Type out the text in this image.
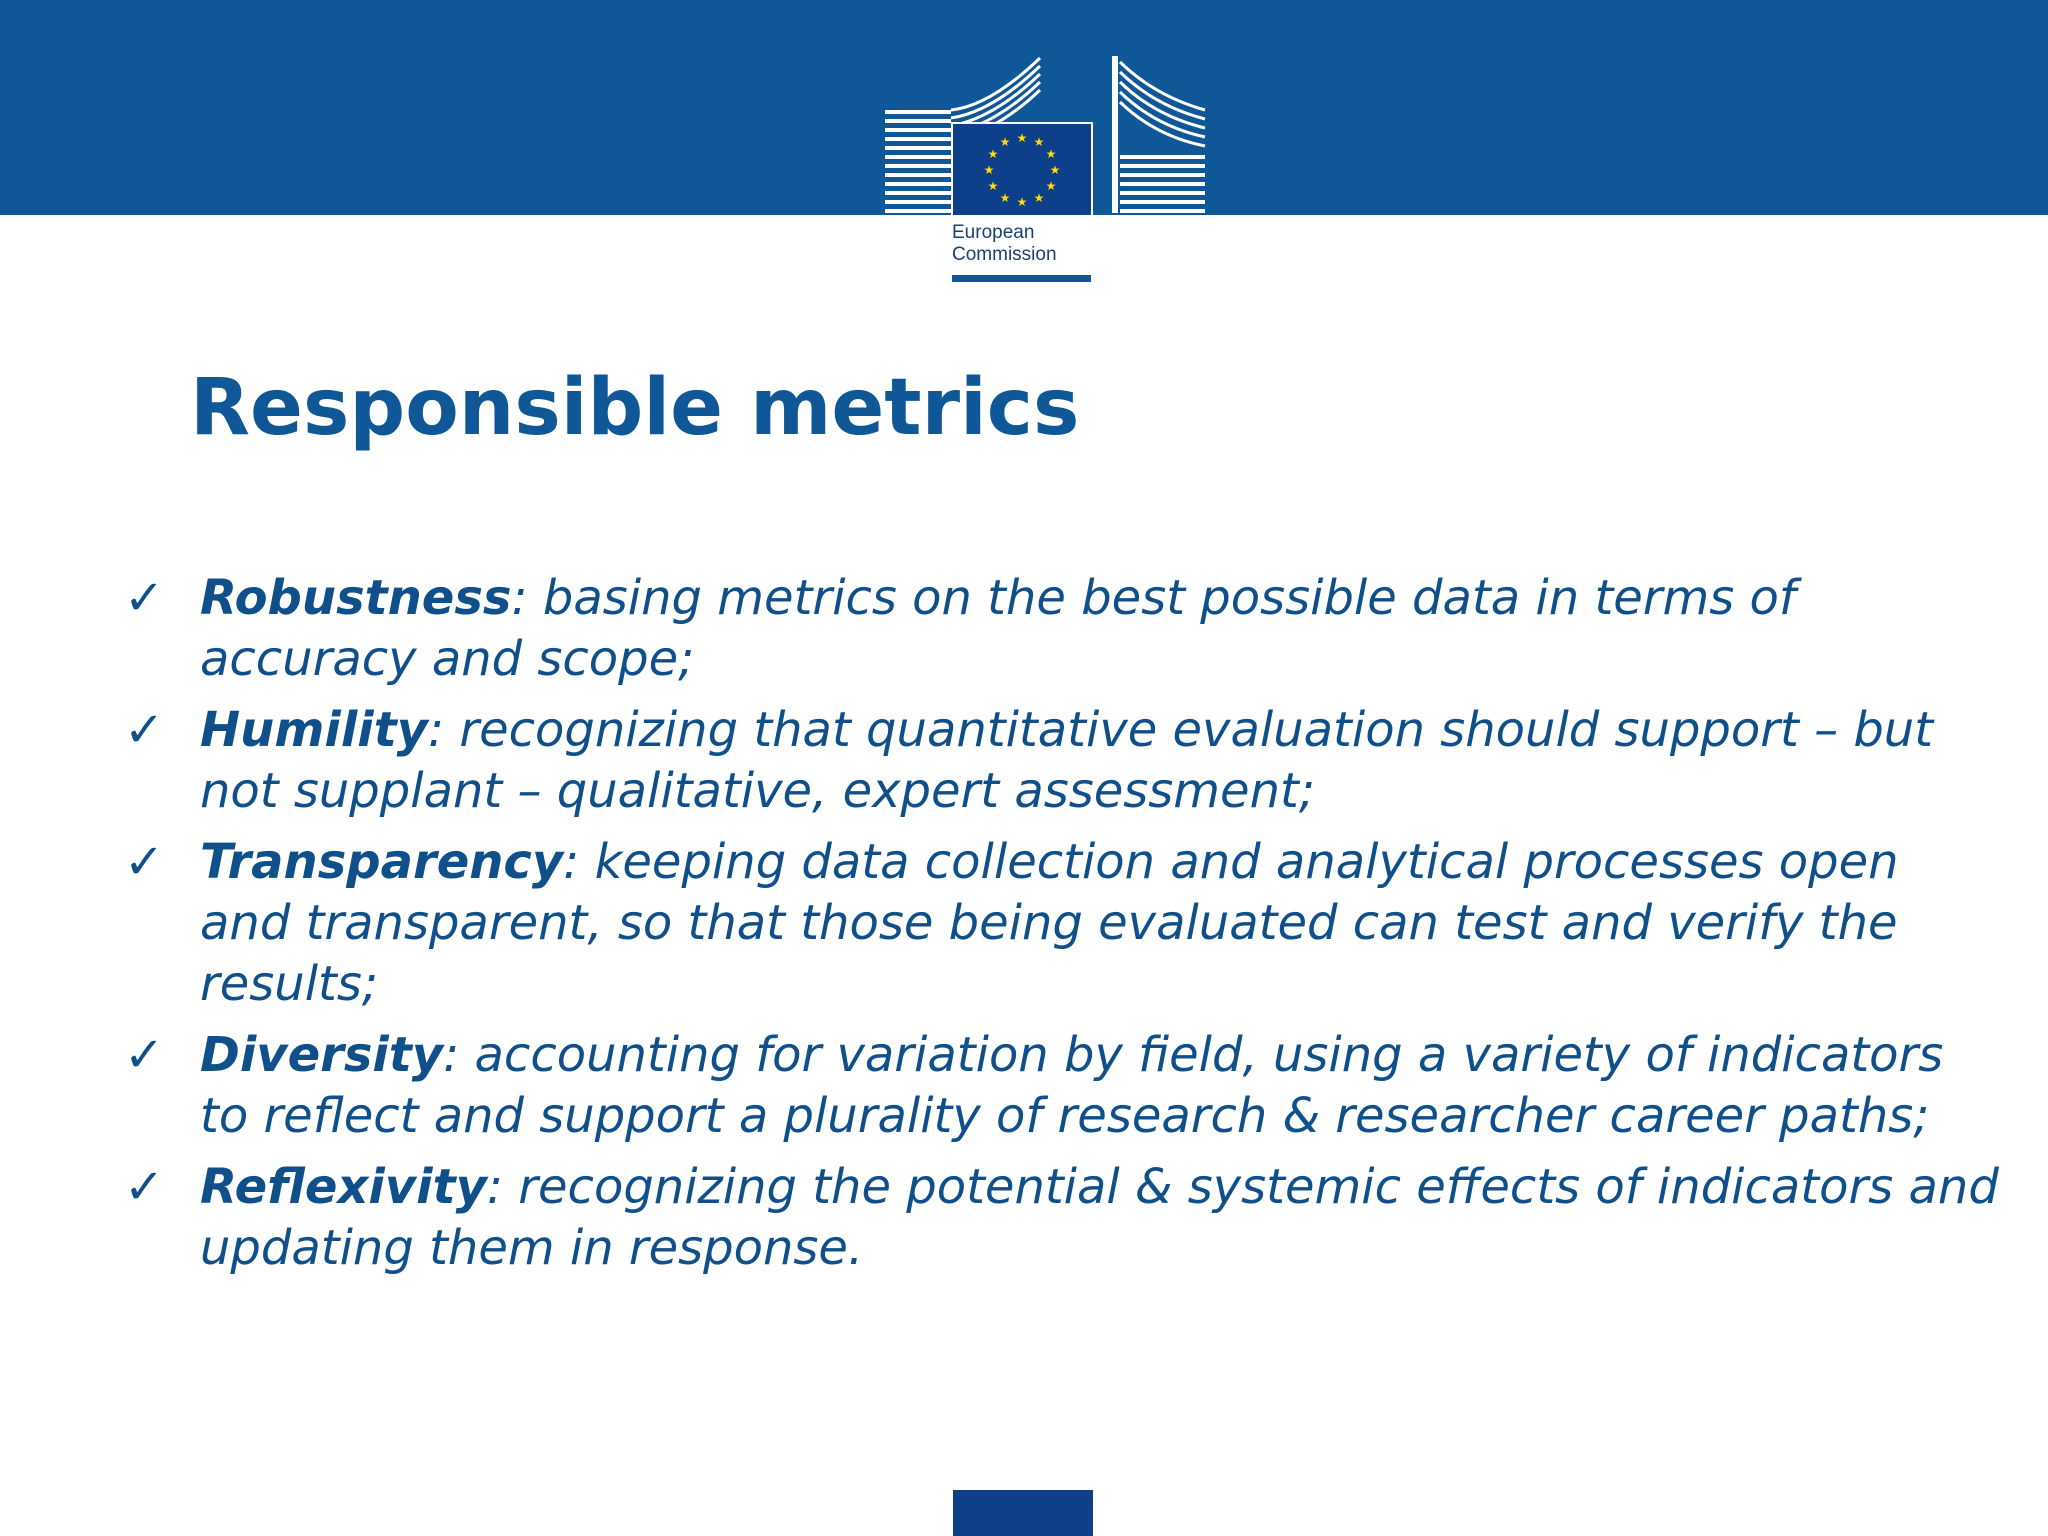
★ ★
★
★
★
★
★
★
★
★
★
★
European
Commission
Responsible metrics
✓ Robustness: basing metrics on the best possible data in terms of accuracy and scope;
✓ Humility: recognizing that quantitative evaluation should support – but not supplant – qualitative, expert assessment;
✓ Transparency: keeping data collection and analytical processes open and transparent, so that those being evaluated can test and verify the results;
✓ Diversity: accounting for variation by field, using a variety of indicators to reflect and support a plurality of research & researcher career paths;
✓ Reflexivity: recognizing the potential & systemic effects of indicators and updating them in response.
